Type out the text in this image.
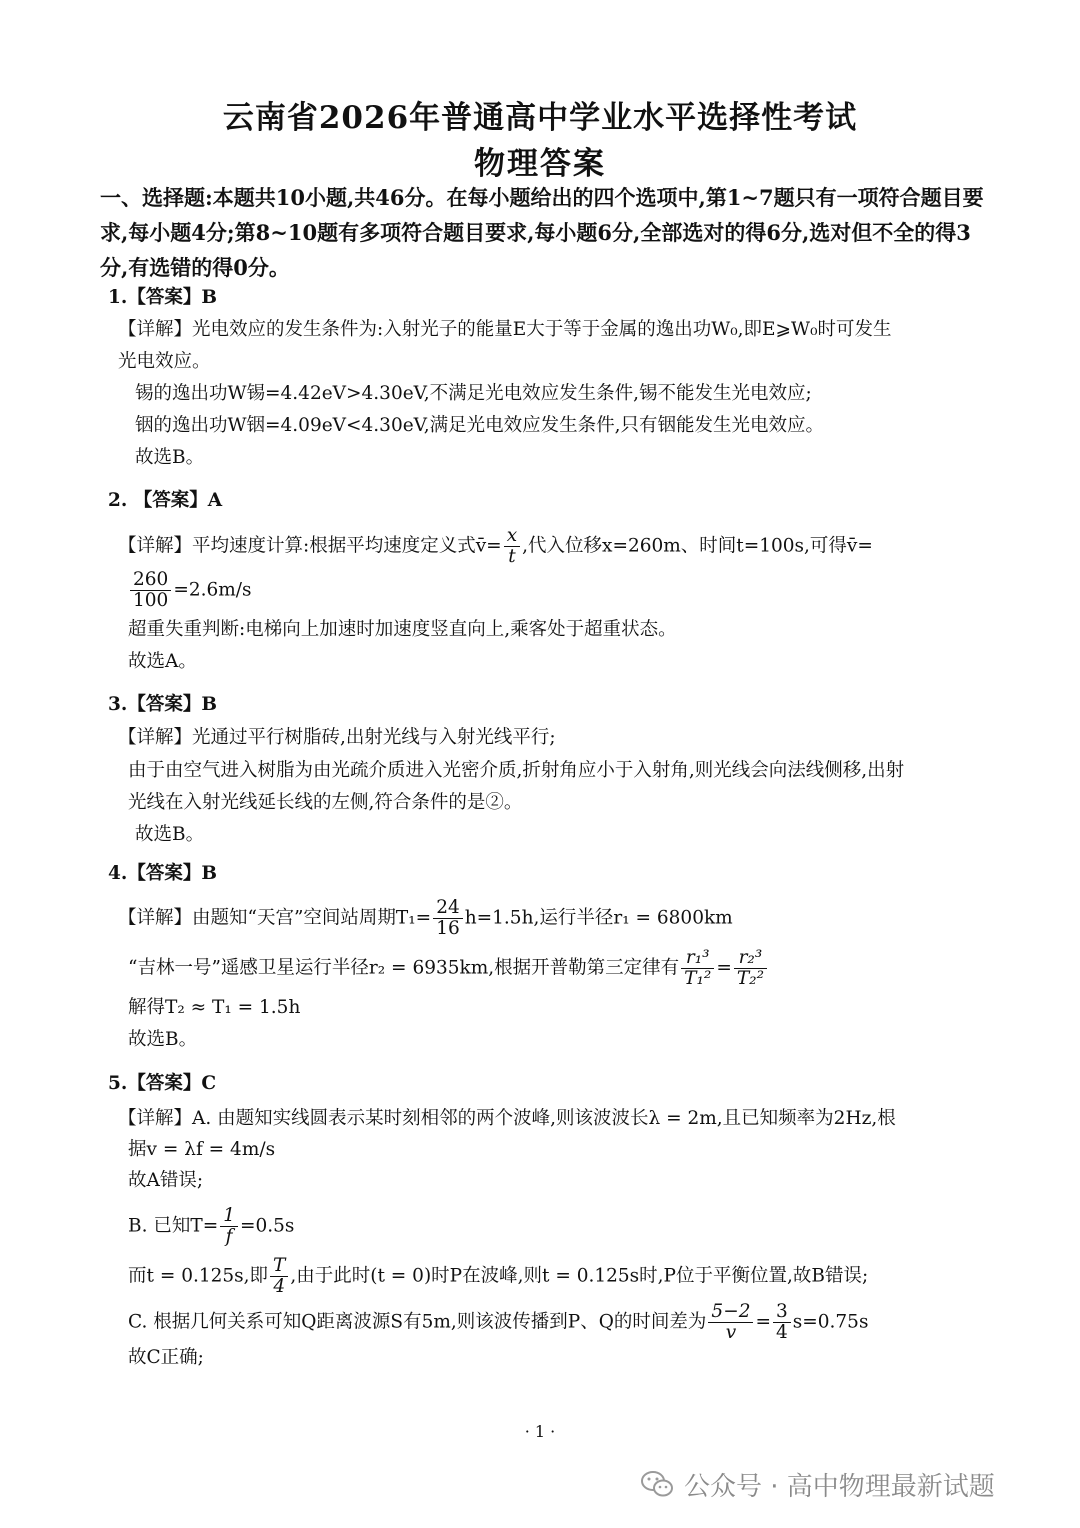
云南省2026年普通高中学业水平选择性考试
物理答案
一、选择题:本题共10小题,共46分。在每小题给出的四个选项中,第1~7题只有一项符合题目要求,每小题4分;第8~10题有多项符合题目要求,每小题6分,全部选对的得6分,选对但不全的得3分,有选错的得0分。
1.【答案】B
【详解】光电效应的发生条件为:入射光子的能量E大于等于金属的逸出功W₀,即E⩾W₀时可发生
光电效应。
锡的逸出功W锡=4.42eV>4.30eV,不满足光电效应发生条件,锡不能发生光电效应;
铟的逸出功W铟=4.09eV<4.30eV,满足光电效应发生条件,只有铟能发生光电效应。
故选B。
2. 【答案】A
【详解】平均速度计算:根据平均速度定义式v̄= $\frac{x}{t}$ ,代入位移x=260m、时间t=100s,可得v̄=
$\frac{260}{100} =2.6m/s$
超重失重判断:电梯向上加速时加速度竖直向上,乘客处于超重状态。
故选A。
3.【答案】B
【详解】光通过平行树脂砖,出射光线与入射光线平行;
由于由空气进入树脂为由光疏介质进入光密介质,折射角应小于入射角,则光线会向法线侧移,出射
光线在入射光线延长线的左侧,符合条件的是②。
故选B。
4.【答案】B
【详解】由题知“天宫”空间站周期$T_1= \frac{24}{16} h=1.5h$,运行半径r₁ = 6800km
“吉林一号”遥感卫星运行半径r₂ = 6935km,根据开普勒第三定律有 $\frac{\text{r₁³}}{\text{T₁²}} = \frac{\text{r₂³}}{\text{T₂²}}$
解得T₂ ≈ T₁ = 1.5h
故选B。
5.【答案】C
【详解】A. 由题知实线圆表示某时刻相邻的两个波峰,则该波波长λ = 2m,且已知频率为2Hz,根
据v = λf = 4m/s
故A错误;
B. 已知$T= \frac{1}{f} =0.5s$
而t = 0.125s,即 $\frac{T}{4}$ ,由于此时(t = 0)时P在波峰,则t = 0.125s时,P位于平衡位置,故B错误;
C. 根据几何关系可知Q距离波源S有5m,则该波传播到P、Q的时间差为 $\frac{5-2}{v} = \frac{3}{4} s=0.75s$
故C正确;
· 1 ·
公众号 · 高中物理最新试题
